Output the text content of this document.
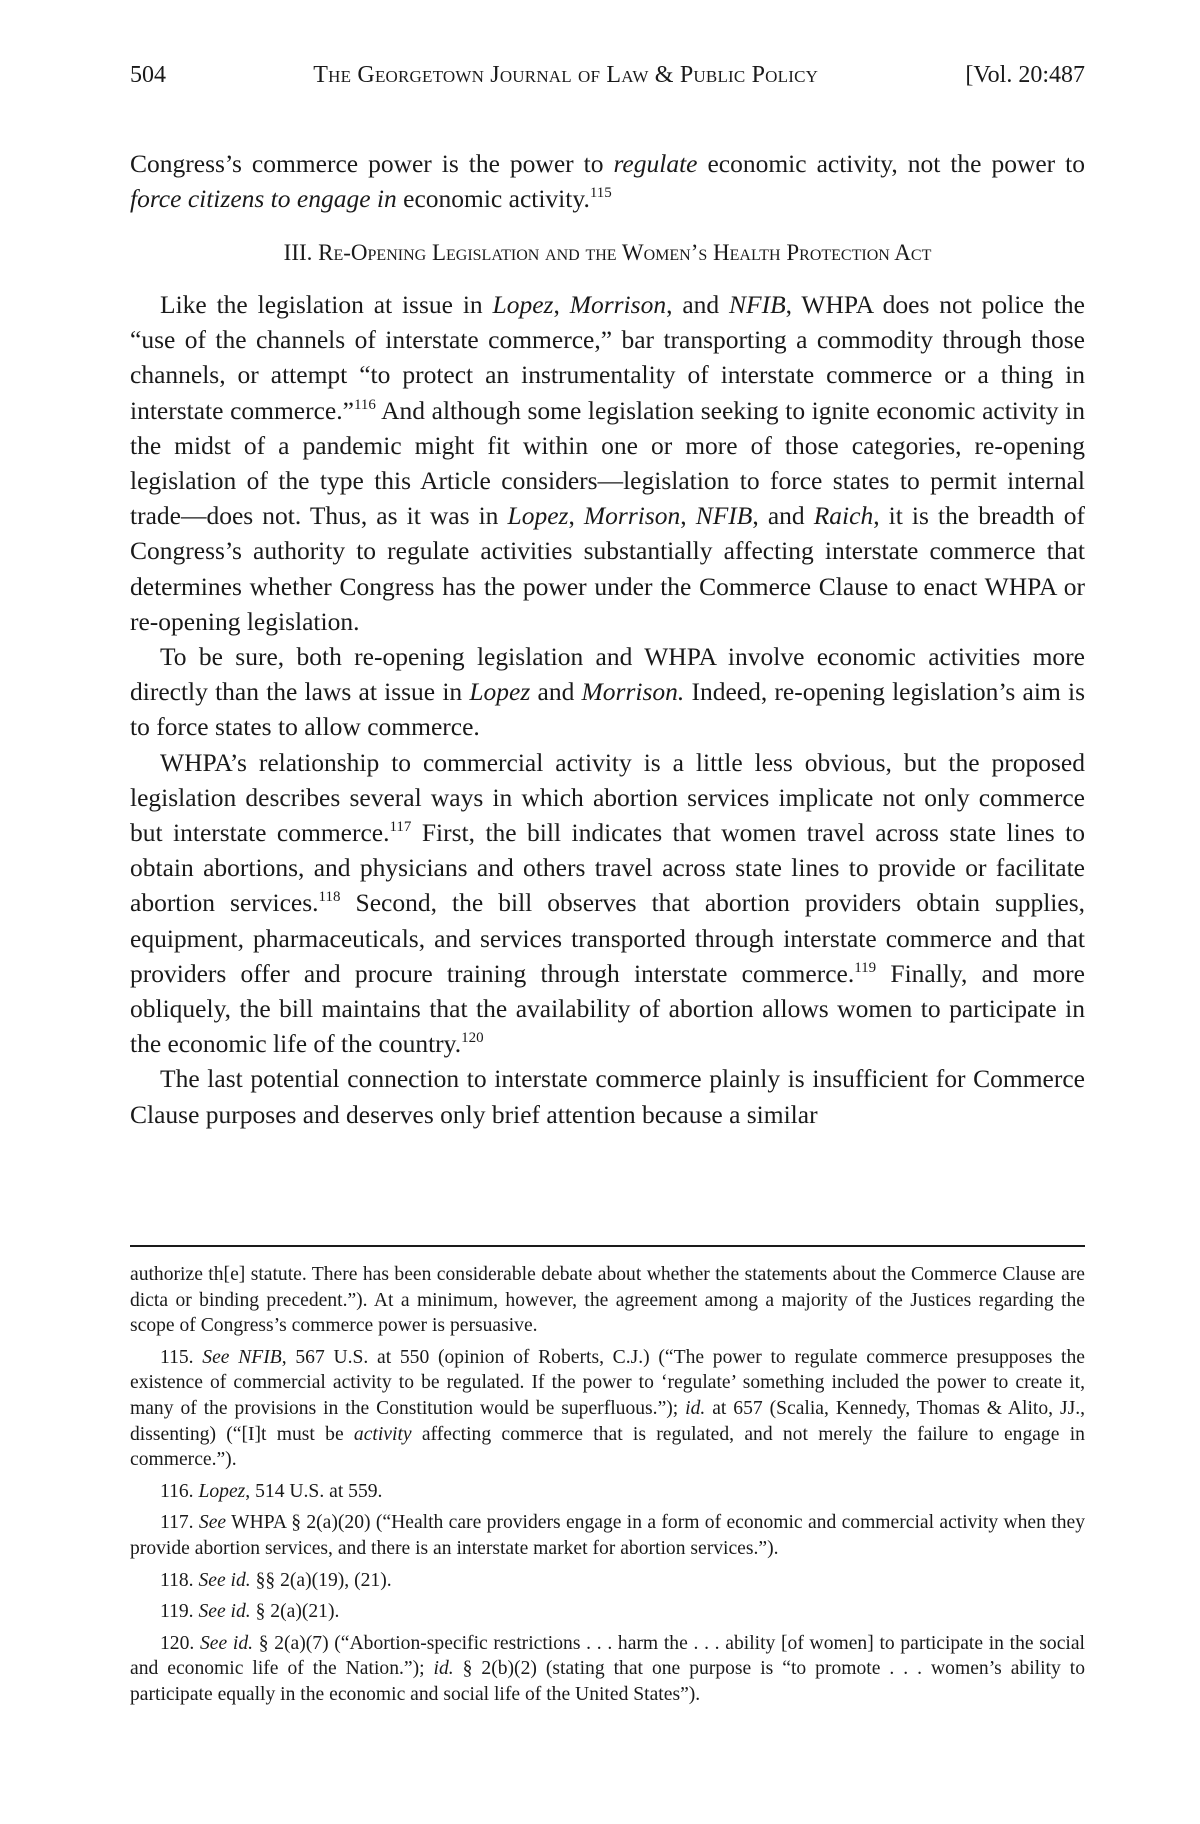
504	The Georgetown Journal of Law & Public Policy	[Vol. 20:487

Congress’s commerce power is the power to regulate economic activity, not the power to force citizens to engage in economic activity.$^{115}$

III. Re-Opening Legislation and the Women’s Health Protection Act

Like the legislation at issue in Lopez, Morrison, and NFIB, WHPA does not police the “use of the channels of interstate commerce,” bar transporting a commodity through those channels, or attempt “to protect an instrumentality of interstate commerce or a thing in interstate commerce.”$^{116}$ And although some legislation seeking to ignite economic activity in the midst of a pandemic might fit within one or more of those categories, re-opening legislation of the type this Article considers—legislation to force states to permit internal trade—does not. Thus, as it was in Lopez, Morrison, NFIB, and Raich, it is the breadth of Congress’s authority to regulate activities substantially affecting interstate commerce that determines whether Congress has the power under the Commerce Clause to enact WHPA or re-opening legislation.

To be sure, both re-opening legislation and WHPA involve economic activities more directly than the laws at issue in Lopez and Morrison. Indeed, re-opening legislation’s aim is to force states to allow commerce.

WHPA’s relationship to commercial activity is a little less obvious, but the proposed legislation describes several ways in which abortion services implicate not only commerce but interstate commerce.$^{117}$ First, the bill indicates that women travel across state lines to obtain abortions, and physicians and others travel across state lines to provide or facilitate abortion services.$^{118}$ Second, the bill observes that abortion providers obtain supplies, equipment, pharmaceuticals, and services transported through interstate commerce and that providers offer and procure training through interstate commerce.$^{119}$ Finally, and more obliquely, the bill maintains that the availability of abortion allows women to participate in the economic life of the country.$^{120}$

The last potential connection to interstate commerce plainly is insufficient for Commerce Clause purposes and deserves only brief attention because a similar

authorize th[e] statute. There has been considerable debate about whether the statements about the Commerce Clause are dicta or binding precedent.”). At a minimum, however, the agreement among a majority of the Justices regarding the scope of Congress’s commerce power is persuasive.

115. See NFIB, 567 U.S. at 550 (opinion of Roberts, C.J.) (“The power to regulate commerce presupposes the existence of commercial activity to be regulated. If the power to ‘regulate’ something included the power to create it, many of the provisions in the Constitution would be superfluous.”); id. at 657 (Scalia, Kennedy, Thomas & Alito, JJ., dissenting) (“[I]t must be activity affecting commerce that is regulated, and not merely the failure to engage in commerce.”).

116. Lopez, 514 U.S. at 559.

117. See WHPA § 2(a)(20) (“Health care providers engage in a form of economic and commercial activity when they provide abortion services, and there is an interstate market for abortion services.”).

118. See id. §§ 2(a)(19), (21).

119. See id. § 2(a)(21).

120. See id. § 2(a)(7) (“Abortion-specific restrictions . . . harm the . . . ability [of women] to participate in the social and economic life of the Nation.”); id. § 2(b)(2) (stating that one purpose is “to promote . . . women’s ability to participate equally in the economic and social life of the United States”).
